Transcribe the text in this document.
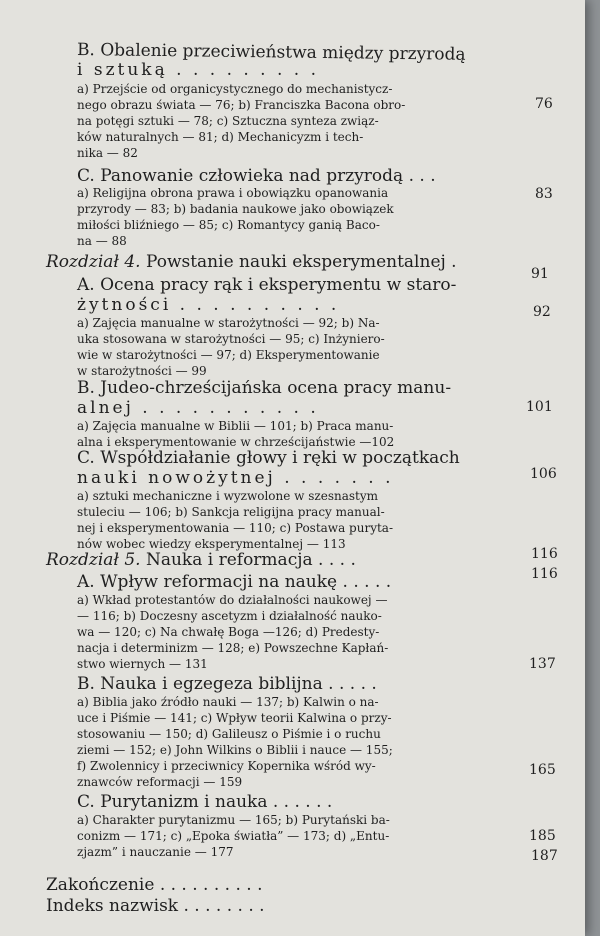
B. Obalenie przeciwieństwa między przyrodą
i sztuką . . . . . . . . .
a) Przejście od organicystycznego do mechanistycz-
nego obrazu świata — 76; b) Franciszka Bacona obro-
na potęgi sztuki — 78; c) Sztuczna synteza związ-
ków naturalnych — 81; d) Mechanicyzm i tech-
nika — 82
76
C. Panowanie człowieka nad przyrodą . . .
a) Religijna obrona prawa i obowiązku opanowania
przyrody — 83; b) badania naukowe jako obowiązek
miłości bliźniego — 85; c) Romantycy ganią Baco-
na — 88
83
Rozdział 4. Powstanie nauki eksperymentalnej .
91
A. Ocena pracy rąk i eksperymentu w staro-
żytności . . . . . . . . . .
a) Zajęcia manualne w starożytności — 92; b) Na-
uka stosowana w starożytności — 95; c) Inżyniero-
wie w starożytności — 97; d) Eksperymentowanie
w starożytności — 99
92
B. Judeo-chrześcijańska ocena pracy manu-
alnej . . . . . . . . . . .
a) Zajęcia manualne w Biblii — 101; b) Praca manu-
alna i eksperymentowanie w chrześcijaństwie —102
101
C. Współdziałanie głowy i ręki w początkach
nauki nowożytnej . . . . . . .
a) sztuki mechaniczne i wyzwolone w szesnastym
stuleciu — 106; b) Sankcja religijna pracy manual-
nej i eksperymentowania — 110; c) Postawa puryta-
nów wobec wiedzy eksperymentalnej — 113
106
Rozdział 5. Nauka i reformacja . . . .	116
A. Wpływ reformacji na naukę . . . . .
a) Wkład protestantów do działalności naukowej —
— 116; b) Doczesny ascetyzm i działalność nauko-
wa — 120; c) Na chwałę Boga —126; d) Predesty-
nacja i determinizm — 128; e) Powszechne Kapłań-
stwo wiernych — 131
116
B. Nauka i egzegeza biblijna . . . . .
a) Biblia jako źródło nauki — 137; b) Kalwin o na-
uce i Piśmie — 141; c) Wpływ teorii Kalwina o przy-
stosowaniu — 150; d) Galileusz o Piśmie i o ruchu
ziemi — 152; e) John Wilkins o Biblii i nauce — 155;
f) Zwolennicy i przeciwnicy Kopernika wśród wy-
znawców reformacji — 159
137
C. Purytanizm i nauka . . . . . .
a) Charakter purytanizmu — 165; b) Purytański ba-
conizm — 171; c) „Epoka światła” — 173; d) „Entu-
zjazm” i nauczanie — 177
165
Zakończenie . . . . . . . . . .
185
Indeks nazwisk . . . . . . . .
187
